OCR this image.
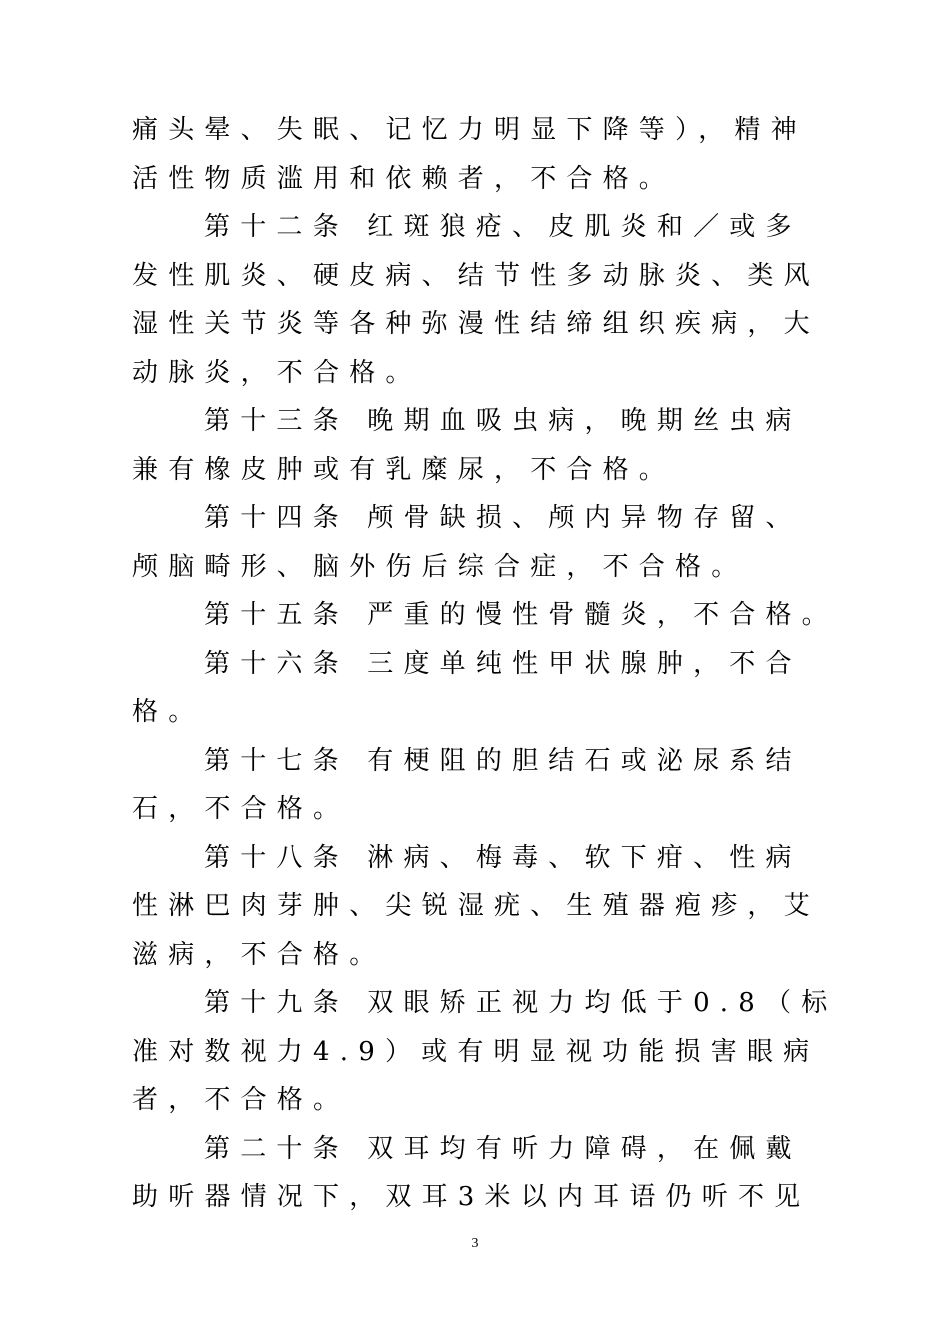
痛头晕、失眠、记忆力明显下降等），精神
活性物质滥用和依赖者，不合格。
第十二条 红斑狼疮、皮肌炎和／或多
发性肌炎、硬皮病、结节性多动脉炎、类风
湿性关节炎等各种弥漫性结缔组织疾病，大
动脉炎，不合格。
第十三条 晚期血吸虫病，晚期丝虫病
兼有橡皮肿或有乳糜尿，不合格。
第十四条 颅骨缺损、颅内异物存留、
颅脑畸形、脑外伤后综合症，不合格。
第十五条 严重的慢性骨髓炎，不合格。
第十六条 三度单纯性甲状腺肿，不合
格。
第十七条 有梗阻的胆结石或泌尿系结
石，不合格。
第十八条 淋病、梅毒、软下疳、性病
性淋巴肉芽肿、尖锐湿疣、生殖器疱疹，艾
滋病，不合格。
第十九条 双眼矫正视力均低于0.8（标
准对数视力4.9）或有明显视功能损害眼病
者，不合格。
第二十条 双耳均有听力障碍，在佩戴
助听器情况下，双耳3米以内耳语仍听不见
3
